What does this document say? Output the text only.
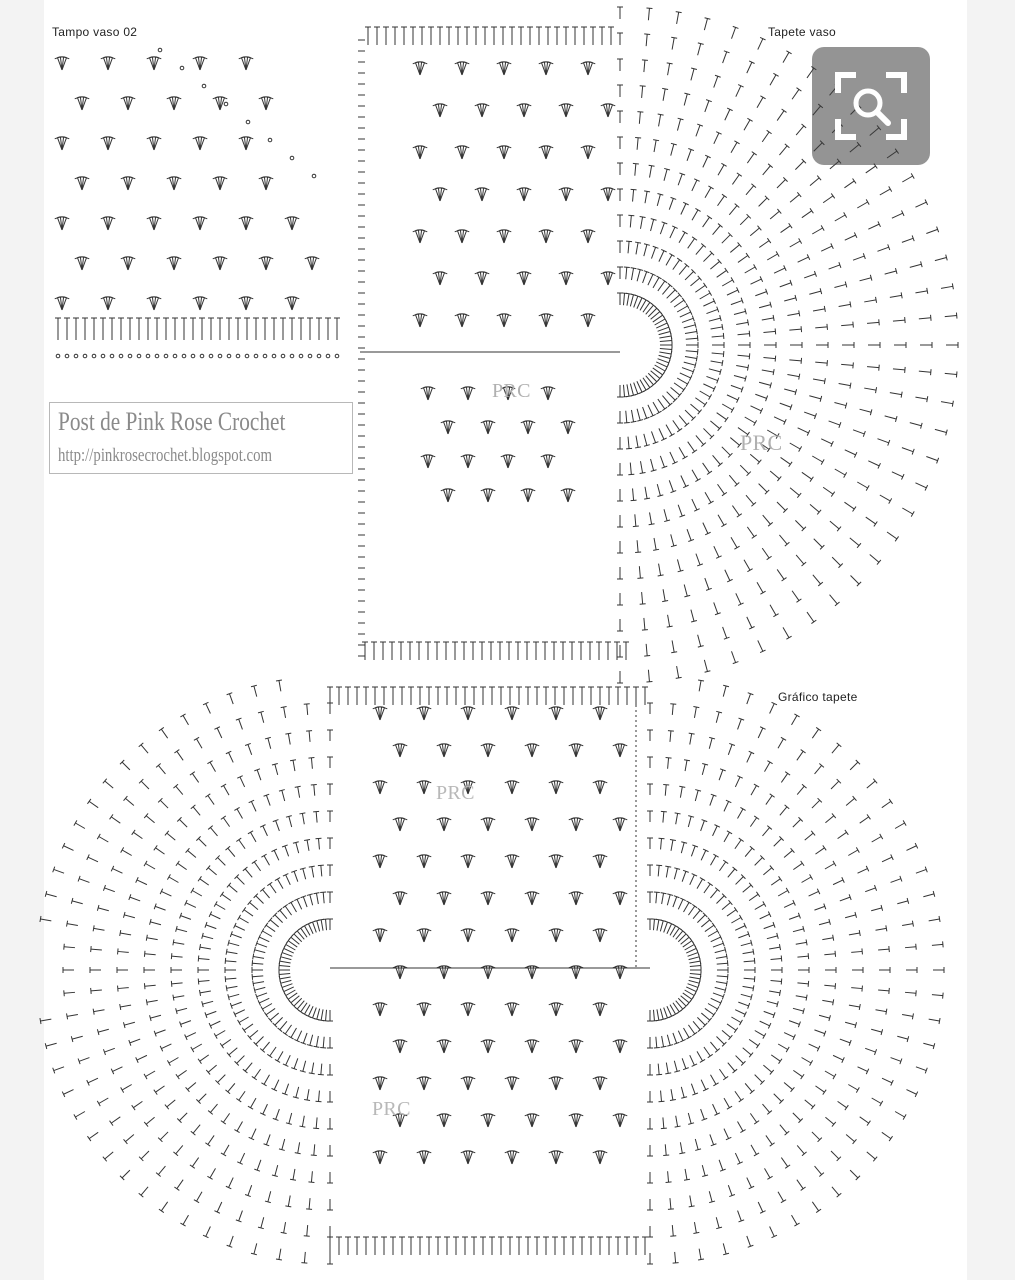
Tampo vaso 02	Tapete vaso
Gráfico tapete
Post de Pink Rose Crochet
http://pinkrosecrochet.blogspot.com
PRC
PRC
PRC
PRC
